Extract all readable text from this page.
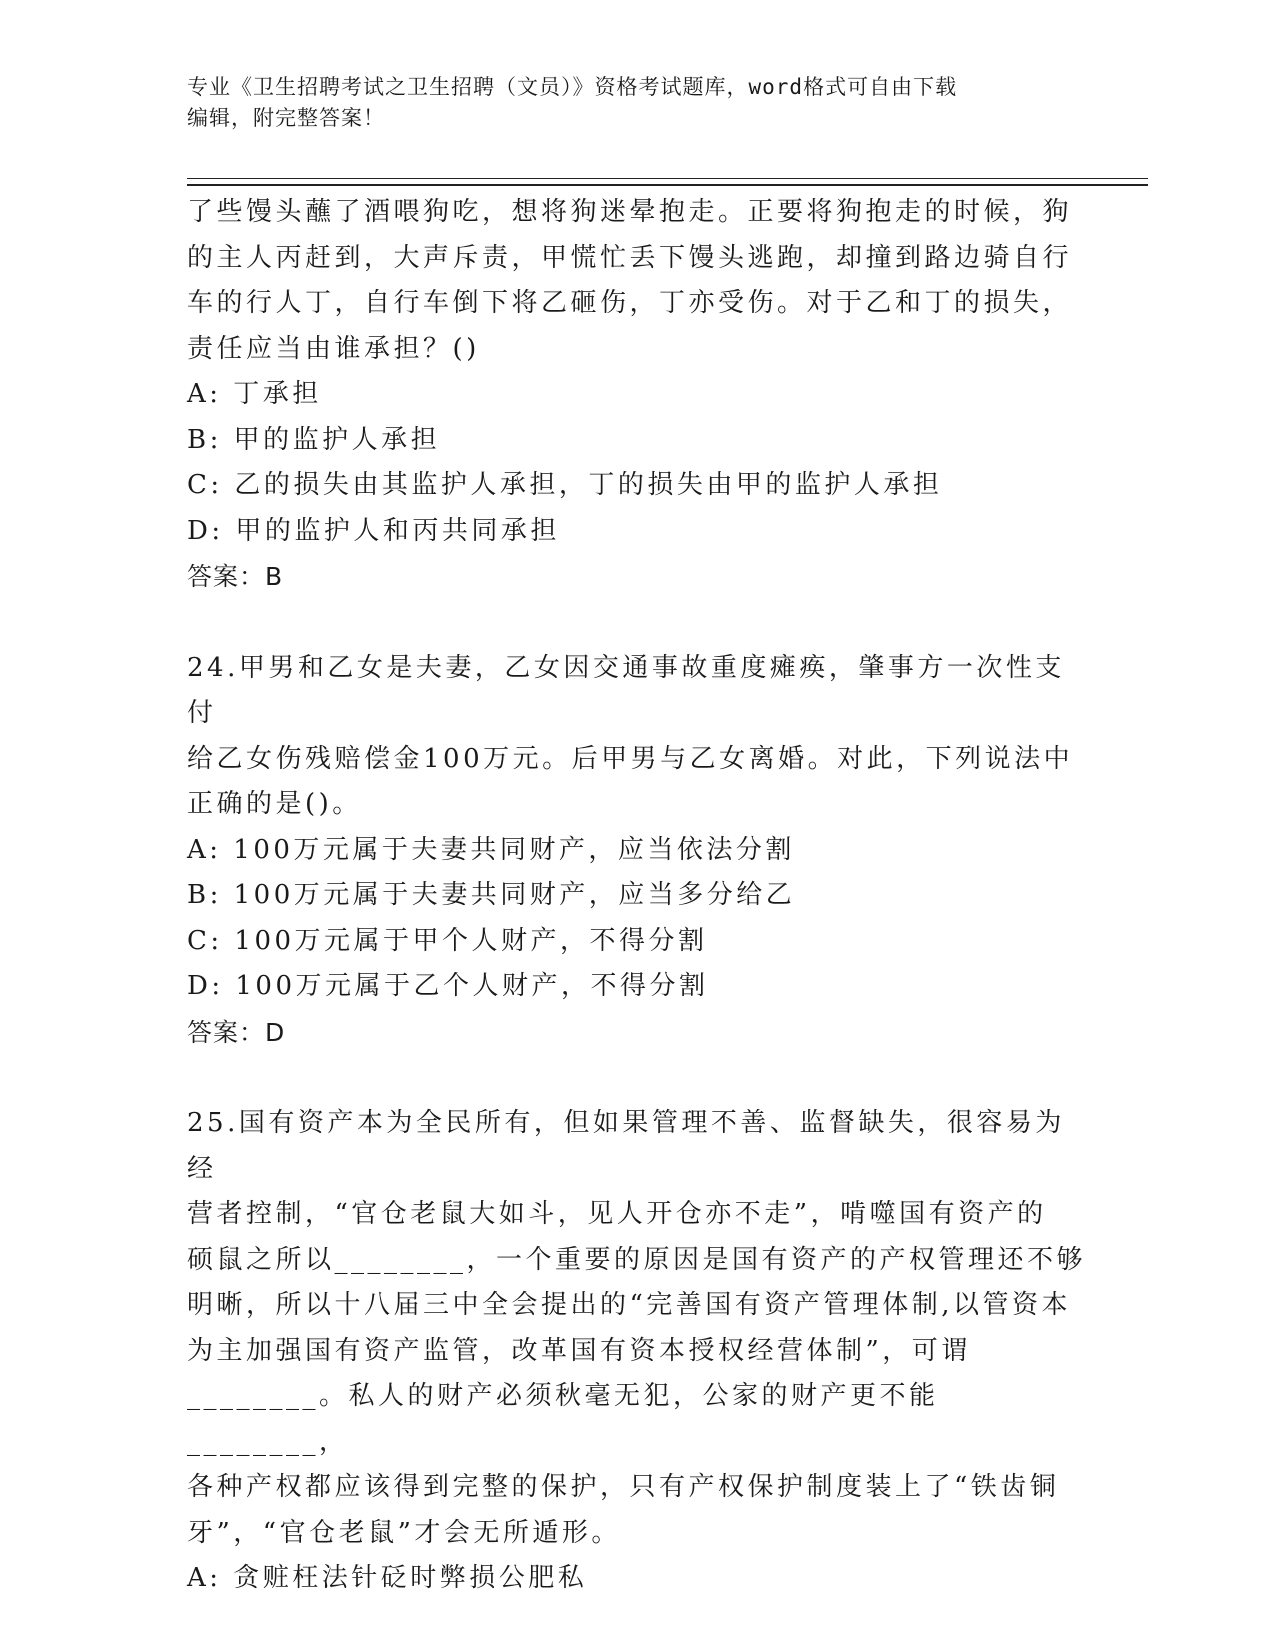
专业《卫生招聘考试之卫生招聘（文员）》资格考试题库，word格式可自由下载
编辑，附完整答案！

了些馒头蘸了酒喂狗吃，想将狗迷晕抱走。正要将狗抱走的时候，狗

的主人丙赶到，大声斥责，甲慌忙丢下馒头逃跑，却撞到路边骑自行

车的行人丁，自行车倒下将乙砸伤，丁亦受伤。对于乙和丁的损失，

责任应当由谁承担？()

A: 丁承担

B: 甲的监护人承担

C: 乙的损失由其监护人承担，丁的损失由甲的监护人承担

D: 甲的监护人和丙共同承担

答案：B

24.甲男和乙女是夫妻，乙女因交通事故重度瘫痪，肇事方一次性支付

给乙女伤残赔偿金100万元。后甲男与乙女离婚。对此，下列说法中

正确的是()。

A: 100万元属于夫妻共同财产，应当依法分割

B: 100万元属于夫妻共同财产，应当多分给乙

C: 100万元属于甲个人财产，不得分割

D: 100万元属于乙个人财产，不得分割

答案：D

25.国有资产本为全民所有，但如果管理不善、监督缺失，很容易为经

营者控制，“官仓老鼠大如斗，见人开仓亦不走”，啃噬国有资产的

硕鼠之所以________，一个重要的原因是国有资产的产权管理还不够

明晰，所以十八届三中全会提出的“完善国有资产管理体制,以管资本

为主加强国有资产监管，改革国有资本授权经营体制”，可谓

________。私人的财产必须秋毫无犯，公家的财产更不能________，

各种产权都应该得到完整的保护，只有产权保护制度装上了“铁齿铜

牙”，“官仓老鼠”才会无所遁形。

A: 贪赃枉法针砭时弊损公肥私
